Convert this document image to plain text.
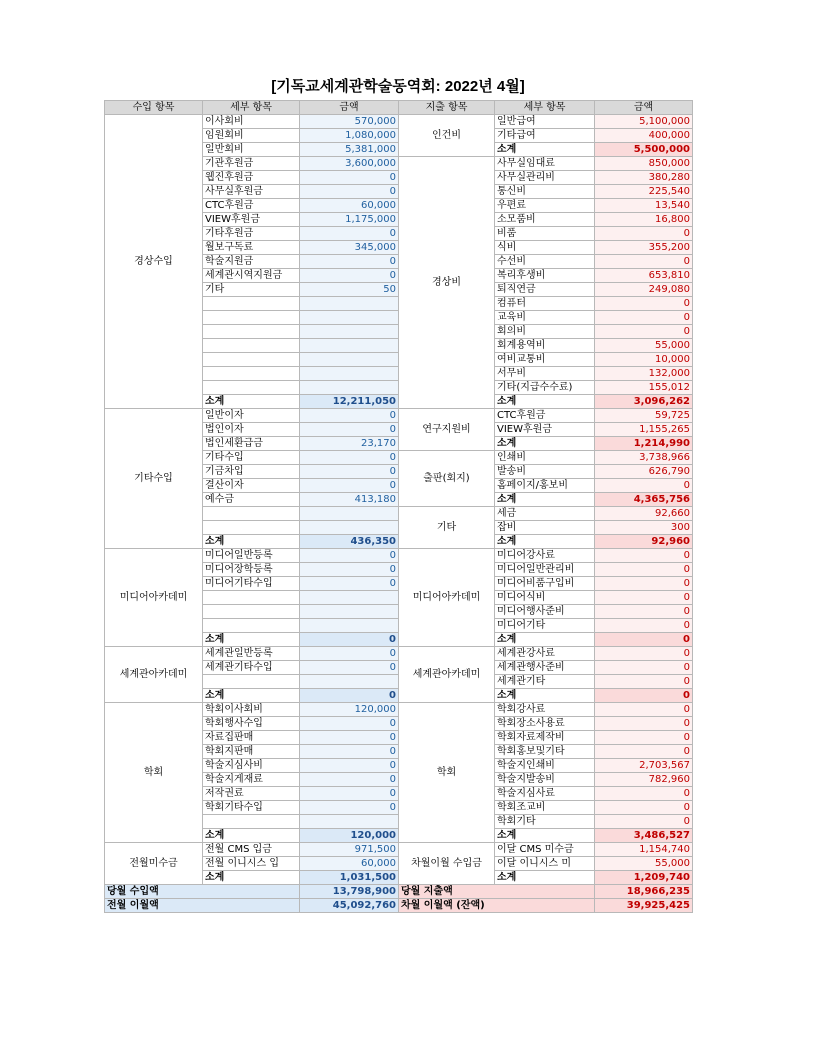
[기독교세계관학술동역회: 2022년 4월]
수입 항목	세부 항목	금액	지출 항목	세부 항목	금액
경상수입	이사회비	570,000	인건비	일반급여	5,100,000
	임원회비	1,080,000		기타급여	400,000
	일반회비	5,381,000		소계	5,500,000
	기관후원금	3,600,000	경상비	사무실임대료	850,000
	웹진후원금	0		사무실관리비	380,280
	사무실후원금	0		통신비	225,540
	CTC후원금	60,000		우편료	13,540
	VIEW후원금	1,175,000		소모품비	16,800
	기타후원금	0		비품	0
	월보구독료	345,000		식비	355,200
	학술지원금	0		수선비	0
	세계관시역지원금	0		복리후생비	653,810
	기타	50		퇴직연금	249,080
				컴퓨터	0
				교육비	0
				회의비	0
				회계용역비	55,000
				여비교통비	10,000
				서무비	132,000
				기타(지급수수료)	155,012
	소계	12,211,050		소계	3,096,262
기타수입	일반이자	0	연구지원비	CTC후원금	59,725
	법인이자	0		VIEW후원금	1,155,265
	법인세환급금	23,170		소계	1,214,990
	기타수입	0	출판(회지)	인쇄비	3,738,966
	기금차입	0		발송비	626,790
	결산이자	0		홈페이지/홍보비	0
	예수금	413,180		소계	4,365,756
			기타	세금	92,660
				잡비	300
	소계	436,350		소계	92,960
미디어아카데미	미디어일반등록	0	미디어아카데미	미디어강사료	0
	미디어장학등록	0		미디어일반관리비	0
	미디어기타수입	0		미디어비품구입비	0
				미디어식비	0
				미디어행사준비	0
				미디어기타	0
	소계	0		소계	0
세계관아카데미	세계관일반등록	0	세계관아카데미	세계관강사료	0
	세계관기타수입	0		세계관행사준비	0
				세계관기타	0
	소계	0		소계	0
학회	학회이사회비	120,000	학회	학회강사료	0
	학회행사수입	0		학회장소사용료	0
	자료집판매	0		학회자료제작비	0
	학회지판매	0		학회홍보및기타	0
	학술지심사비	0		학술지인쇄비	2,703,567
	학술지게재료	0		학술지발송비	782,960
	저작권료	0		학술지심사료	0
	학회기타수입	0		학회조교비	0
				학회기타	0
	소계	120,000		소계	3,486,527
전월미수금	전월 CMS 입금	971,500	차월이월 수입금	이달 CMS 미수금	1,154,740
	전월 이니시스 입	60,000		이달 이니시스 미	55,000
	소계	1,031,500		소계	1,209,740
당월 수입액		13,798,900	당월 지출액		18,966,235
전월 이월액		45,092,760	차월 이월액 (잔액)		39,925,425
